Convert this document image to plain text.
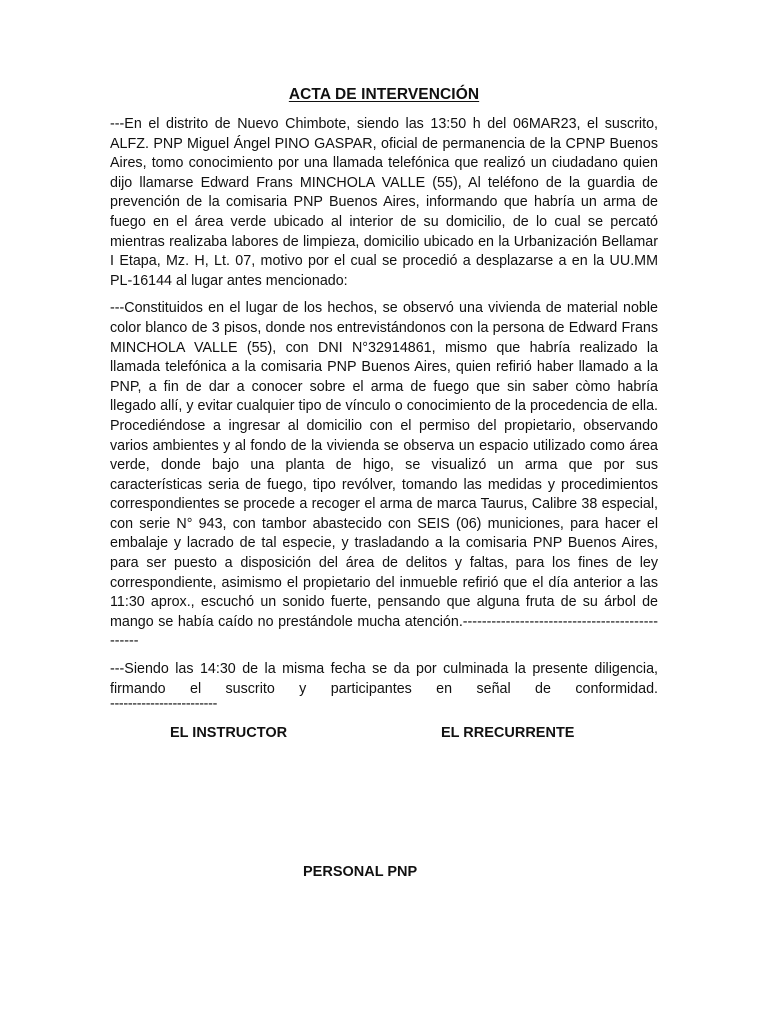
ACTA DE INTERVENCIÓN

---En el distrito de Nuevo Chimbote, siendo las 13:50 h del 06MAR23, el suscrito, ALFZ. PNP Miguel Ángel PINO GASPAR, oficial de permanencia de la CPNP Buenos Aires, tomo conocimiento por una llamada telefónica que realizó un ciudadano quien dijo llamarse Edward Frans MINCHOLA VALLE (55), Al teléfono de la guardia de prevención de la comisaria PNP Buenos Aires, informando que habría un arma de fuego en el área verde ubicado al interior de su domicilio, de lo cual se percató mientras realizaba labores de limpieza, domicilio ubicado en la Urbanización Bellamar I Etapa, Mz. H, Lt. 07, motivo por el cual se procedió a desplazarse a en la UU.MM PL-16144 al lugar antes mencionado:

---Constituidos en el lugar de los hechos, se observó una vivienda de material noble color blanco de 3 pisos, donde nos entrevistándonos con la persona de Edward Frans MINCHOLA VALLE (55), con DNI N°32914861, mismo que habría realizado la llamada telefónica a la comisaria PNP Buenos Aires, quien refirió haber llamado a la PNP, a fin de dar a conocer sobre el arma de fuego que sin saber còmo habría llegado allí, y evitar cualquier tipo de vínculo o conocimiento de la procedencia de ella. Procediéndose a ingresar al domicilio con el permiso del propietario, observando varios ambientes y al fondo de la vivienda se observa un espacio utilizado como área verde, donde bajo una planta de higo, se visualizó un arma que por sus características seria de fuego, tipo revólver, tomando las medidas y procedimientos correspondientes se procede a recoger el arma de marca Taurus, Calibre 38 especial, con serie N° 943, con tambor abastecido con SEIS (06) municiones, para hacer el embalaje y lacrado de tal especie, y trasladando a la comisaria PNP Buenos Aires, para ser puesto a disposición del área de delitos y faltas, para los fines de ley correspondiente, asimismo el propietario del inmueble refirió que el día anterior a las 11:30 aprox., escuchó un sonido fuerte, pensando que alguna fruta de su árbol de mango se había caído no prestándole mucha atención.-----------------------------------------------

---Siendo las 14:30 de la misma fecha se da por culminada la presente diligencia, firmando el suscrito y participantes en señal de conformidad.

------------------------
EL INSTRUCTOR	EL RRECURRENTE
PERSONAL PNP
